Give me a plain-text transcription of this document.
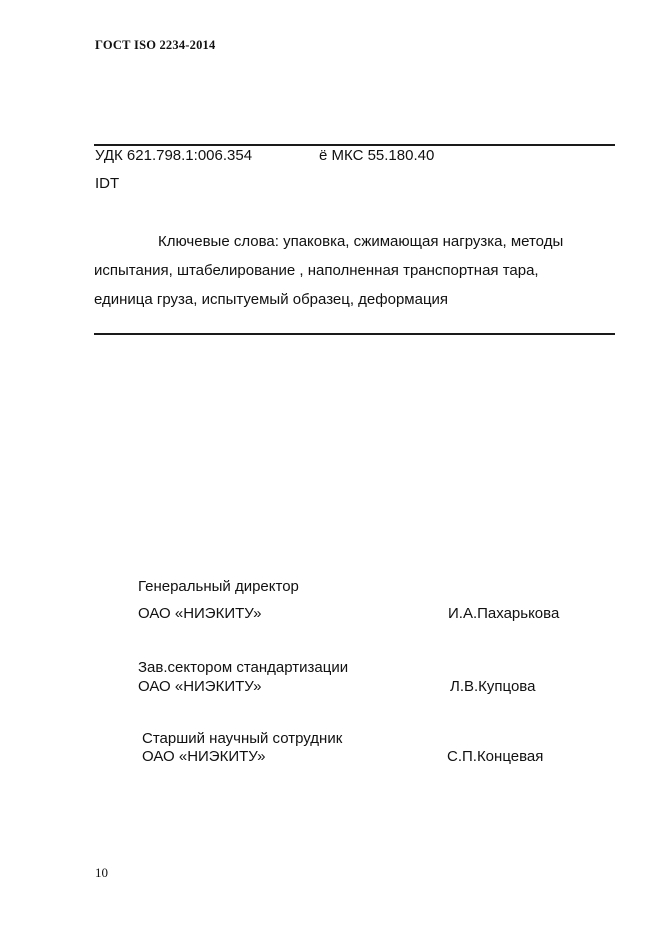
ГОСТ ISO 2234-2014
УДК 621.798.1:006.354	ё МКС 55.180.40
IDT
Ключевые слова: упаковка, сжимающая нагрузка, методы
испытания, штабелирование , наполненная транспортная тара,
единица груза, испытуемый образец, деформация
Генеральный директор
ОАО «НИЭКИТУ»	И.А.Пахарькова
Зав.сектором стандартизации
ОАО «НИЭКИТУ»	Л.В.Купцова
Старший научный сотрудник
ОАО «НИЭКИТУ»	С.П.Концевая
10
